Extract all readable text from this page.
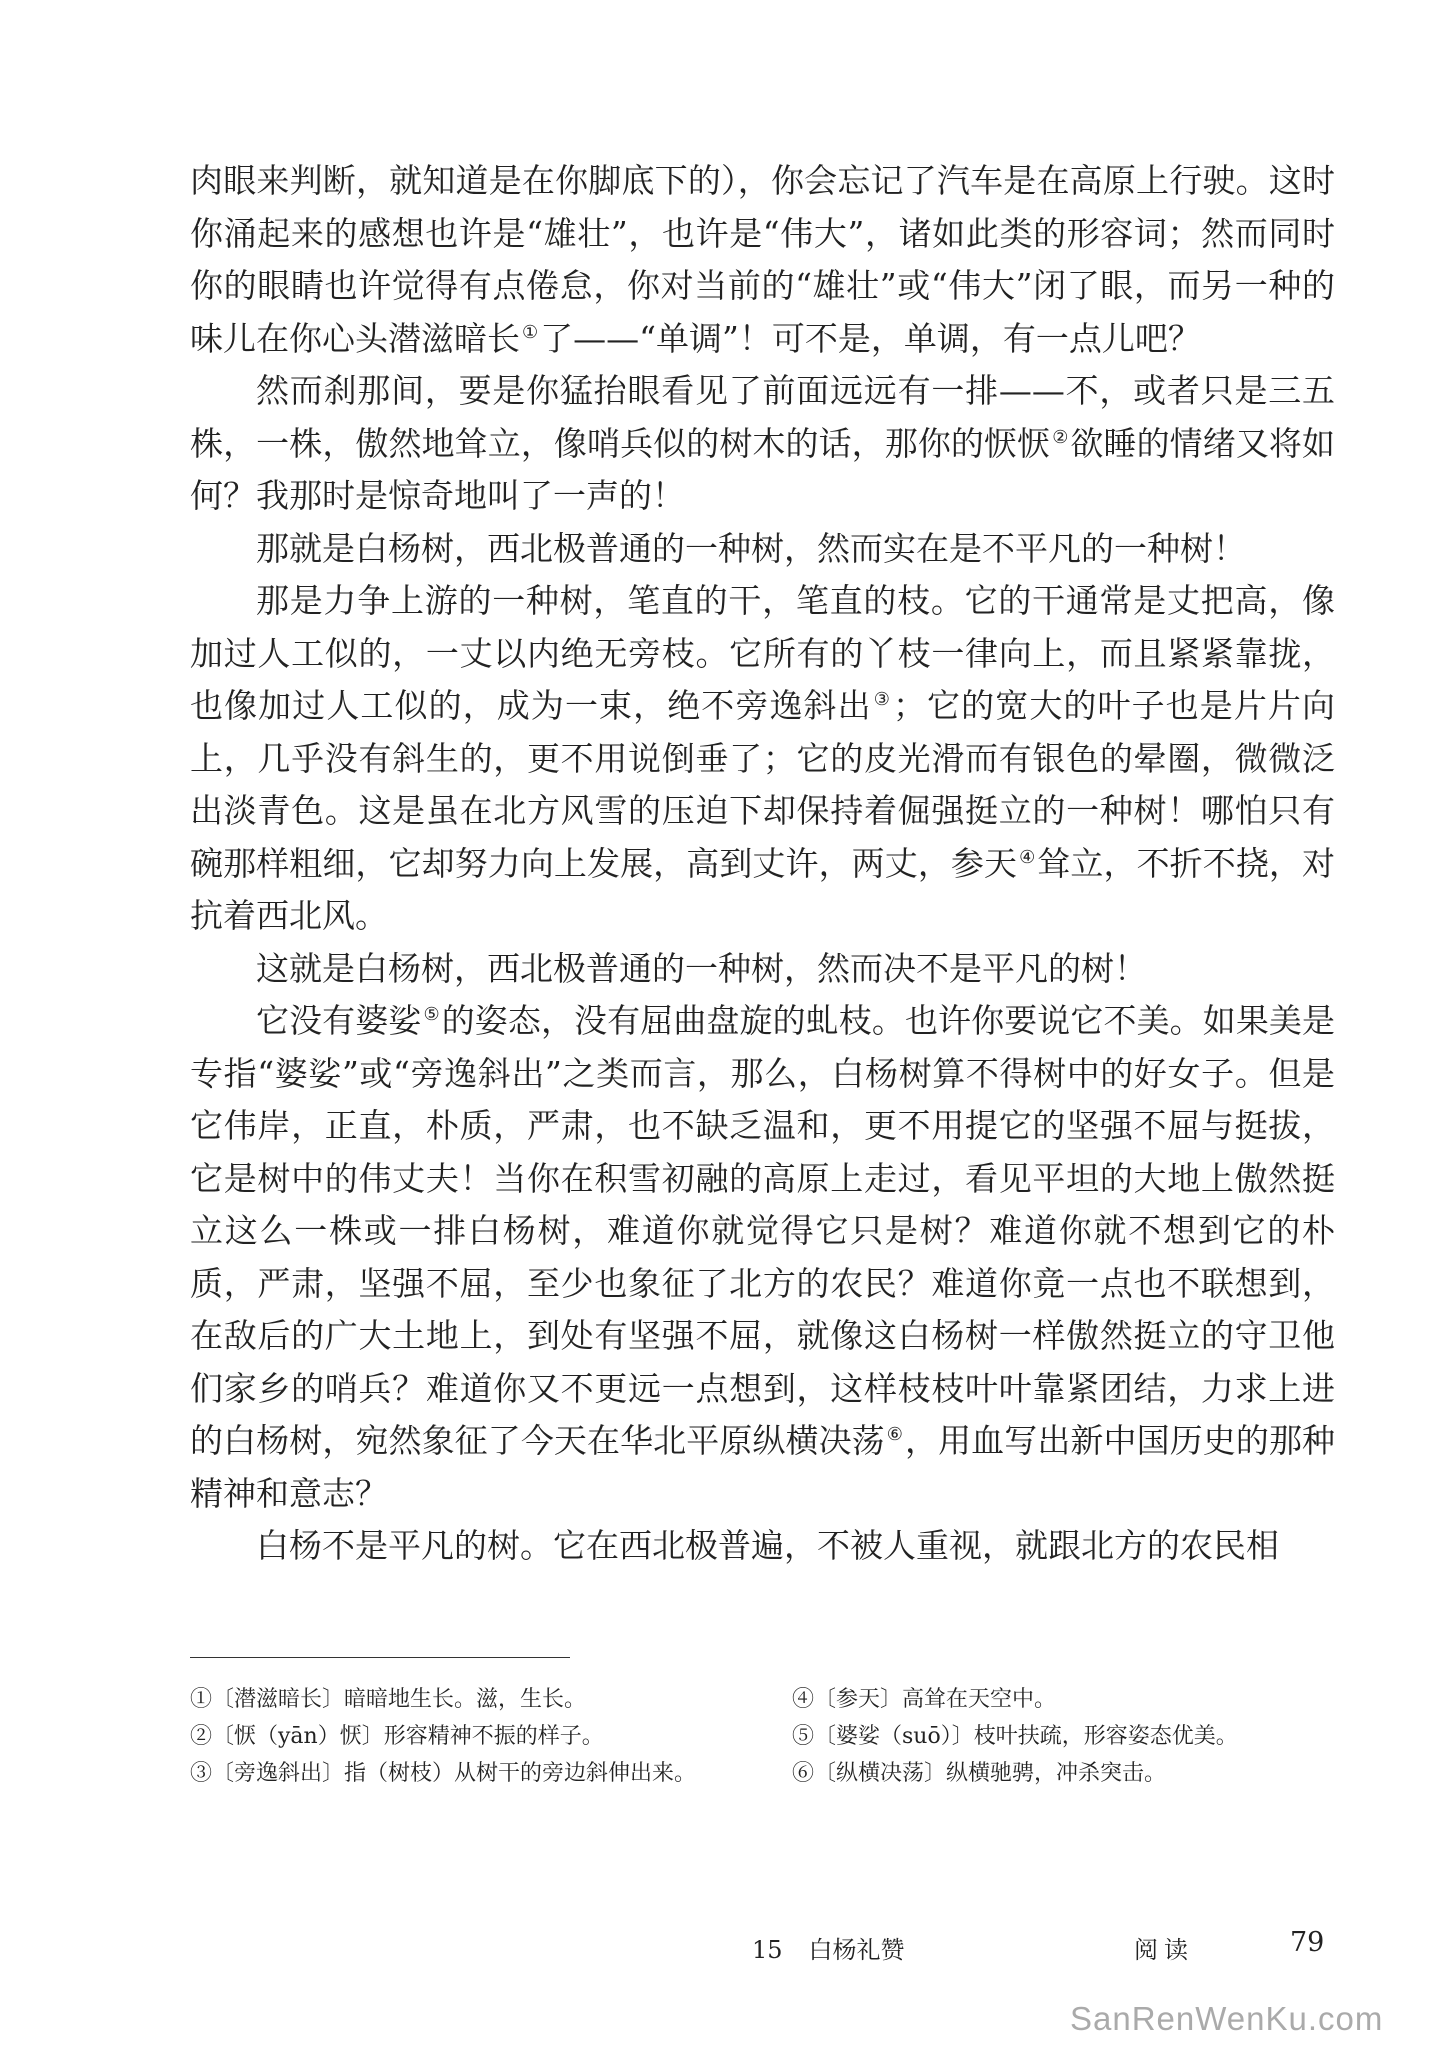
肉眼来判断，就知道是在你脚底下的），你会忘记了汽车是在高原上行驶。这时你涌起来的感想也许是“雄壮”，也许是“伟大”，诸如此类的形容词；然而同时你的眼睛也许觉得有点倦怠，你对当前的“雄壮”或“伟大”闭了眼，而另一种的味儿在你心头潜滋暗长 ①了——“单调”！可不是，单调，有一点儿吧？

然而刹那间，要是你猛抬眼看见了前面远远有一排——不，或者只是三五株，一株，傲然地耸立，像哨兵似的树木的话，那你的恹恹 ②欲睡的情绪又将如何？我那时是惊奇地叫了一声的！

那就是白杨树，西北极普通的一种树，然而实在是不平凡的一种树！

那是力争上游的一种树，笔直的干，笔直的枝。它的干通常是丈把高，像加过人工似的，一丈以内绝无旁枝。它所有的丫枝一律向上，而且紧紧靠拢，也像加过人工似的，成为一束，绝不旁逸斜出 ③；它的宽大的叶子也是片片向上，几乎没有斜生的，更不用说倒垂了；它的皮光滑而有银色的晕圈，微微泛出淡青色。这是虽在北方风雪的压迫下却保持着倔强挺立的一种树！哪怕只有碗那样粗细，它却努力向上发展，高到丈许，两丈，参天 ④耸立，不折不挠，对抗着西北风。

这就是白杨树，西北极普通的一种树，然而决不是平凡的树！

它没有婆娑 ⑤的姿态，没有屈曲盘旋的虬枝。也许你要说它不美。如果美是专指“婆娑”或“旁逸斜出”之类而言，那么，白杨树算不得树中的好女子。但是它伟岸，正直，朴质，严肃，也不缺乏温和，更不用提它的坚强不屈与挺拔，它是树中的伟丈夫！当你在积雪初融的高原上走过，看见平坦的大地上傲然挺立这么一株或一排白杨树，难道你就觉得它只是树？难道你就不想到它的朴质，严肃，坚强不屈，至少也象征了北方的农民？难道你竟一点也不联想到，在敌后的广大土地上，到处有坚强不屈，就像这白杨树一样傲然挺立的守卫他们家乡的哨兵？难道你又不更远一点想到，这样枝枝叶叶靠紧团结，力求上进的白杨树，宛然象征了今天在华北平原纵横决荡 ⑥，用血写出新中国历史的那种精神和意志？

白杨不是平凡的树。它在西北极普遍，不被人重视，就跟北方的农民相

①〔潜滋暗长〕暗暗地生长。滋，生长。
②〔恹（yān）恹〕形容精神不振的样子。
③〔旁逸斜出〕指（树枝）从树干的旁边斜伸出来。
④〔参天〕高耸在天空中。
⑤〔婆娑（suō）〕枝叶扶疏，形容姿态优美。
⑥〔纵横决荡〕纵横驰骋，冲杀突击。
15 白杨礼赞	阅读	79
SanRenWenKu.com
